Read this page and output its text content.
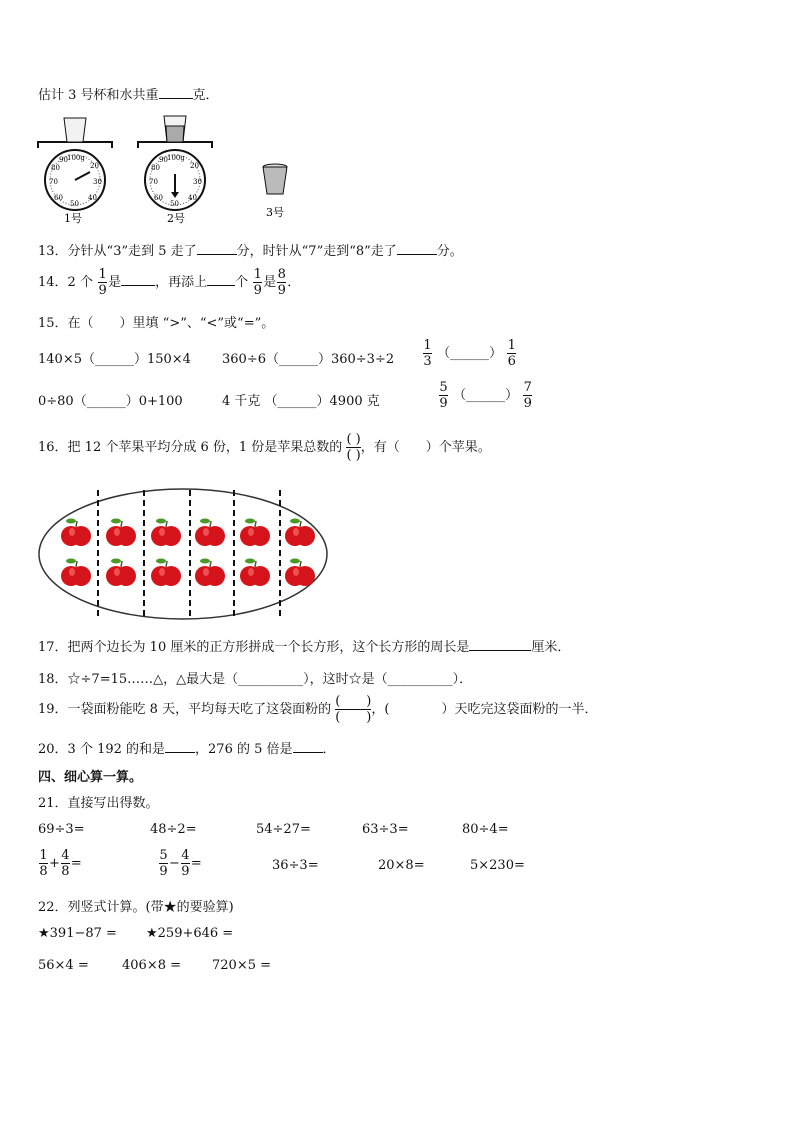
估计 3 号杯和水共重	克．
100g
20
30
40
50
60
70
80
90
1号
100g
20
30
40
50
60
70
80
90
2号	3号
13．分针从“3”走到 5 走了	分，时针从“7”走到“8”走了	分。
14．2 个 $\frac{1}{9}$ 是	，再添上 个 $\frac{1}{9}$ 是 $\frac{8}{9}$ ．
15．在（　　）里填 “>”、“<”或“=”。
140×5（______）150×4 360÷6（______）360÷3÷2 $\frac{1}{3}$ （______） $\frac{1}{6}$
0÷80（______）0+100	4 千克 （______）4900 克	$\frac{5}{9}$ （______） $\frac{7}{9}$
16．把 12 个苹果平均分成 6 份，1 份是苹果总数的 $\frac{( )}{( )}$ ，有（　　）个苹果。
17．把两个边长为 10 厘米的正方形拼成一个长方形，这个长方形的周长是	厘米．
18．☆÷7=15……△，△最大是（__________），这时☆是（__________）．
19．一袋面粉能吃 8 天，平均每天吃了这袋面粉的 $\frac{( )}{( )}$ ，(　　　　）天吃完这袋面粉的一半．
20．3 个 192 的和是 ，276 的 5 倍是 ．
四、细心算一算。
21．直接写出得数。
69÷3=	48÷2=	54÷27=	63÷3=	80÷4=
$\frac{1}{8} + \frac{4}{8}$ =	$\frac{5}{9} - \frac{4}{9}$ =	36÷3=	20×8=	5×230=
22．列竖式计算。(带★的要验算)
★391−87 = ★259+646 =
56×4 =	406×8 = 720×5 =
